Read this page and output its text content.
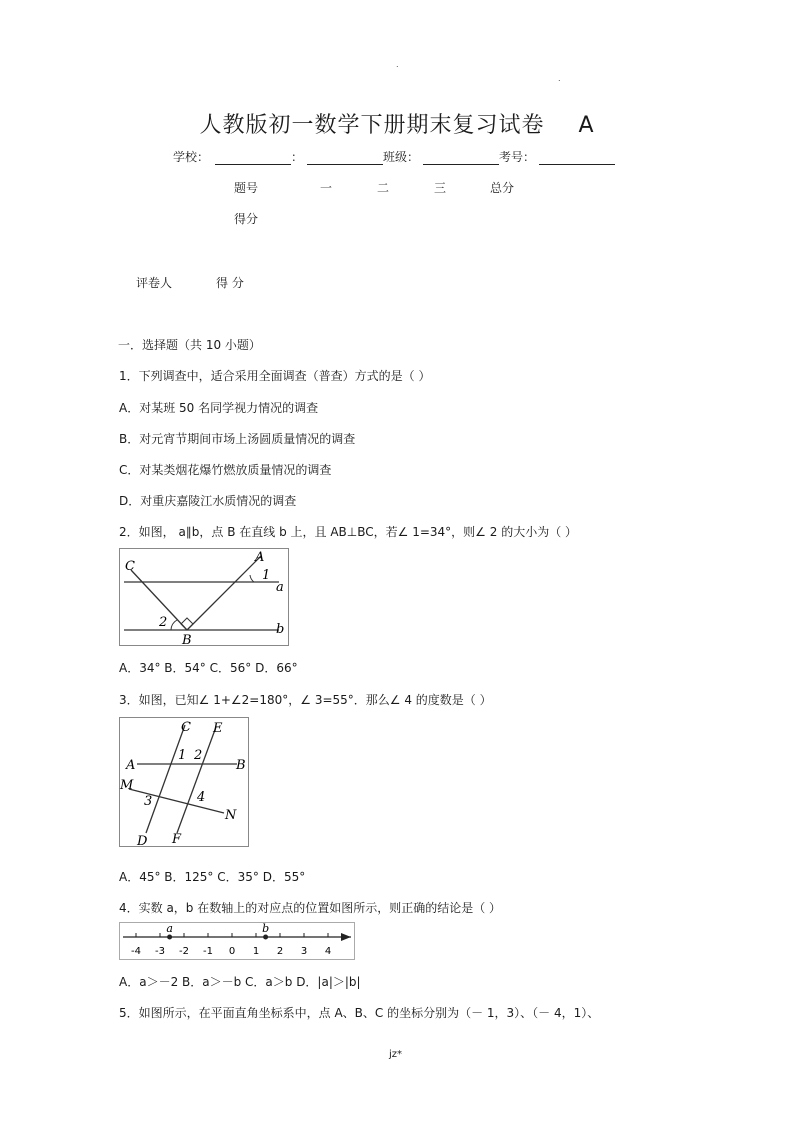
.
.
人教版初一数学下册期末复习试卷 A
学校：	：	班级：	考号：
题号	一	二	三	总分
得分
评卷人	得 分
一．选择题（共 10 小题）
1．下列调查中，适合采用全面调查（普查）方式的是（ ）
A．对某班 50 名同学视力情况的调查
B．对元宵节期间市场上汤圆质量情况的调查
C．对某类烟花爆竹燃放质量情况的调查
D．对重庆嘉陵江水质情况的调查
2．如图， a∥b，点 B 在直线 b 上，且 AB⊥BC，若∠ 1=34°，则∠ 2 的大小为（ ）
C
A
1
a
2
B
b
A．34° B．54° C．56° D．66°
3．如图，已知∠ 1+∠2=180°，∠ 3=55°．那么∠ 4 的度数是（ ）
C E
1 2
A	B
M
3	4
N
D F
A．45° B．125° C．35° D．55°
4．实数 a，b 在数轴上的对应点的位置如图所示，则正确的结论是（ ）
-4 -3 -2 -1 0 1 2 3 4
a	b
A．a＞－2 B．a＞－b C．a＞b D．|a|＞|b|
5．如图所示，在平面直角坐标系中，点 A、B、C 的坐标分别为（－ 1，3）、（－ 4，1）、
jz*
